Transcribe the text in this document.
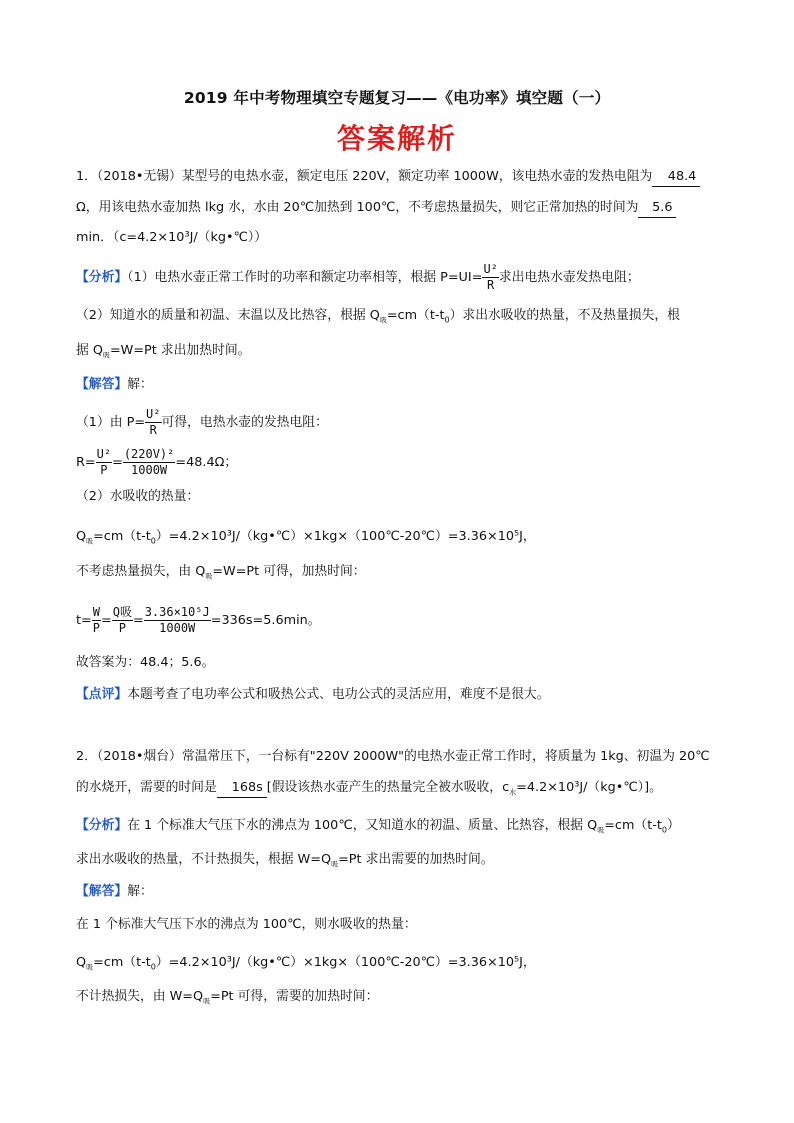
2019 年中考物理填空专题复习——《电功率》填空题（一）
答案解析
1．（2018•无锡）某型号的电热水壶，额定电压 220V，额定功率 1000W，该电热水壶的发热电阻为 48.4
Ω，用该电热水壶加热 lkg 水，水由 20℃加热到 100℃，不考虑热量损失，则它正常加热的时间为 5.6
min．（c=4.2×10³J/（kg•℃））
【分析】（1）电热水壶正常工作时的功率和额定功率相等，根据 $P=UI= \frac{\text{U²}}{R}$ 求出电热水壶发热电阻；
（2）知道水的质量和初温、末温以及比热容，根据 $Q_吸=cm(t-t_0)$求出水吸收的热量，不及热量损失，根
据 $Q_吸=W=Pt$ 求出加热时间。
【解答】解：
（1）由 $P= \frac{\text{U²}}{R}$ 可得，电热水壶的发热电阻：
$R= \frac{\text{U²}}{P} = \frac{\text{(220V)²}}{1000W} =48.4\Omega$；
（2）水吸收的热量：
$Q_吸=cm(t-t_0)=4.2\times 10^3J/(kg•℃)\times 1kg\times(100℃-20℃)=3.36\times 10^5J$，
不考虑热量损失，由 $Q_吸=W=Pt$ 可得，加热时间：
$t= \frac{W}{P} = \frac{\text{Q吸}}{P} = \frac{\text{3.36×10⁵J}}{1000W} =336s=5.6\min$。
故答案为：48.4；5.6。
【点评】本题考查了电功率公式和吸热公式、电功公式的灵活应用，难度不是很大。
2．（2018•烟台）常温常压下，一台标有"220V 2000W"的电热水壶正常工作时，将质量为 1kg、初温为 20℃
的水烧开，需要的时间是 168s [假设该热水壶产生的热量完全被水吸收，$c_水=4.2\times 10^3J/(kg•℃)$]。
【分析】在 1 个标准大气压下水的沸点为 100℃，又知道水的初温、质量、比热容，根据 $Q_吸=cm(t-t_0)$
求出水吸收的热量，不计热损失，根据 $W=Q_吸=Pt$ 求出需要的加热时间。
【解答】解：
在 1 个标准大气压下水的沸点为 100℃，则水吸收的热量：
$Q_吸=cm(t-t_0)=4.2\times 10^3J/(kg•℃)\times 1kg\times(100℃-20℃)=3.36\times 10^5J$，
不计热损失，由 $W=Q_吸=Pt$ 可得，需要的加热时间：
